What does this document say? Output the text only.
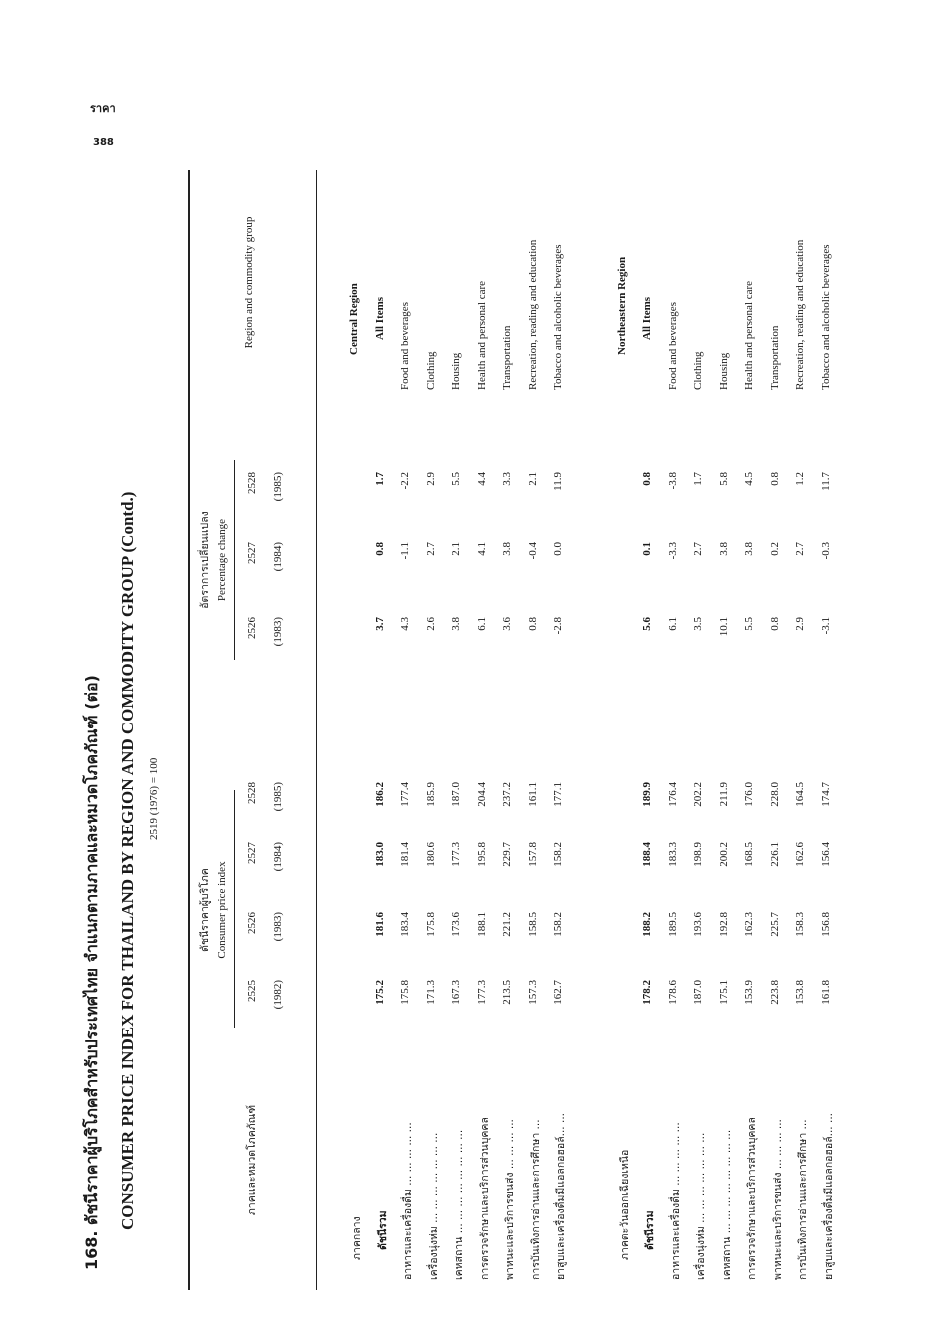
ราคา
388
168. ดัชนีราคาผู้บริโภคสำหรับประเทศไทย จำแนกตามภาคและหมวดโภคภัณฑ์ (ต่อ) CONSUMER PRICE INDEX FOR THAILAND BY REGION AND COMMODITY GROUP (Contd.) 2519 (1976) = 100
ภาคและหมวดโภคภัณฑ์
Region and commodity group
ดัชนีราคาผู้บริโภค Consumer price index
อัตราการเปลี่ยนแปลง Percentage change
2525 (1982)
2526 (1983)
2527 (1984)
2528 (1985)
2526 (1983)
2527 (1984)
2528 (1985)
ภาคกลาง
Central Region
ดัชนีรวม
175.2
181.6
183.0
186.2
3.7
0.8
1.7
All Items
อาหารและเครื่องดื่ม ... ... ... ... ...
175.8
183.4
181.4
177.4
4.3
-1.1
-2.2
Food and beverages
เครื่องนุ่งห่ม ... ... ... ... ... ... ...
171.3
175.8
180.6
185.9
2.6
2.7
2.9
Clothing
เคหสถาน ... ... ... ... ... ... ... ...
167.3
173.6
177.3
187.0
3.8
2.1
5.5
Housing
การตรวจรักษาและบริการส่วนบุคคล
177.3
188.1
195.8
204.4
6.1
4.1
4.4
Health and personal care
พาหนะและบริการขนส่ง ... ... ... ...
213.5
221.2
229.7
237.2
3.6
3.8
3.3
Transportation
การบันเทิงการอ่านและการศึกษา ...
157.3
158.5
157.8
161.1
0.8
-0.4
2.1
Recreation, reading and education
ยาสูบและเครื่องดื่มมีแอลกอฮอล์... ...
162.7
158.2
158.2
177.1
-2.8
0.0
11.9
Tobacco and alcoholic beverages
ภาคตะวันออกเฉียงเหนือ
Northeastern Region
ดัชนีรวม
178.2
188.2
188.4
189.9
5.6
0.1
0.8
All Items
อาหารและเครื่องดื่ม ... ... ... ... ...
178.6
189.5
183.3
176.4
6.1
-3.3
-3.8
Food and beverages
เครื่องนุ่งห่ม ... ... ... ... ... ... ...
187.0
193.6
198.9
202.2
3.5
2.7
1.7
Clothing
เคหสถาน ... ... ... ... ... ... ... ...
175.1
192.8
200.2
211.9
10.1
3.8
5.8
Housing
การตรวจรักษาและบริการส่วนบุคคล
153.9
162.3
168.5
176.0
5.5
3.8
4.5
Health and personal care
พาหนะและบริการขนส่ง ... ... ... ...
223.8
225.7
226.1
228.0
0.8
0.2
0.8
Transportation
การบันเทิงการอ่านและการศึกษา ...
153.8
158.3
162.6
164.5
2.9
2.7
1.2
Recreation, reading and education
ยาสูบและเครื่องดื่มมีแอลกอฮอล์... ...
161.8
156.8
156.4
174.7
-3.1
-0.3
11.7
Tobacco and alcoholic beverages
